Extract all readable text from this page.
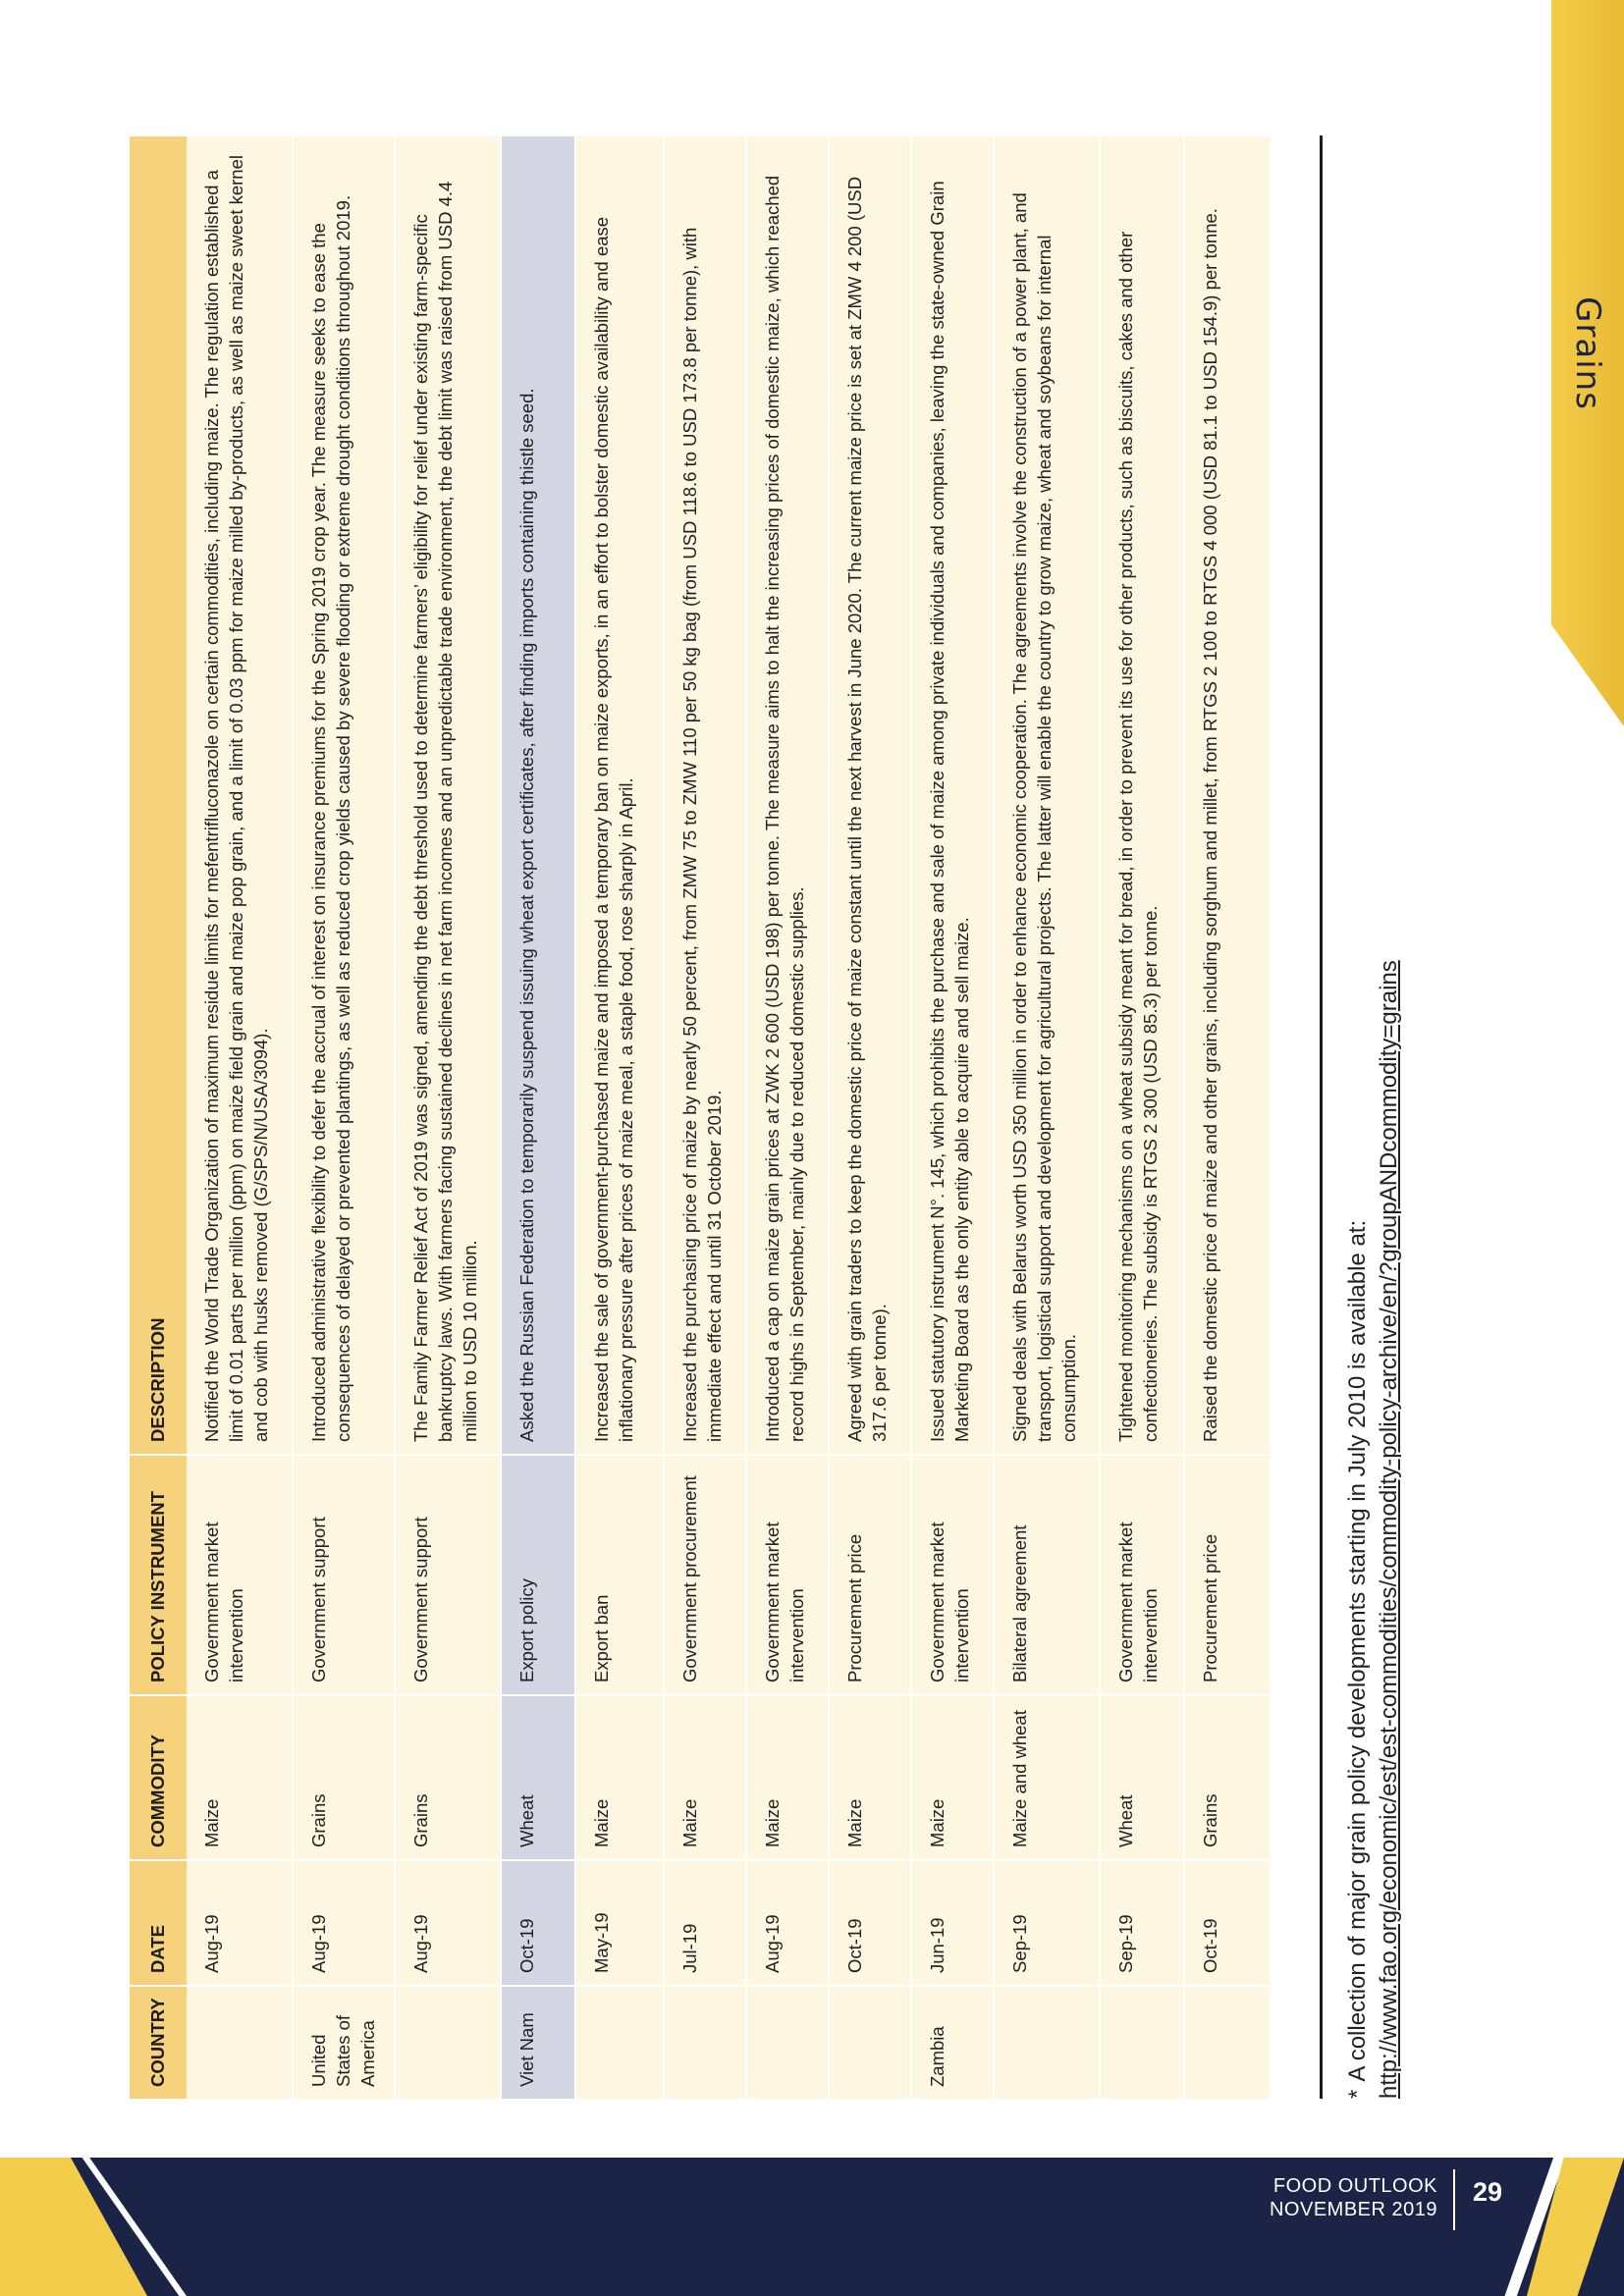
Grains
COUNTRY	DATE	COMMODITY	POLICY INSTRUMENT	DESCRIPTION
	Aug-19	Maize	Government market intervention	Notified the World Trade Organization of maximum residue limits for mefentrifluconazole on certain commodities, including maize. The regulation established a limit of 0.01 parts per million (ppm) on maize field grain and maize pop grain, and a limit of 0.03 ppm for maize milled by-products, as well as maize sweet kernel and cob with husks removed (G/SPS/N/USA/3094).
United States of America	Aug-19	Grains	Government support	Introduced administrative flexibility to defer the accrual of interest on insurance premiums for the Spring 2019 crop year. The measure seeks to ease the consequences of delayed or prevented plantings, as well as reduced crop yields caused by severe flooding or extreme drought conditions throughout 2019.
	Aug-19	Grains	Government support	The Family Farmer Relief Act of 2019 was signed, amending the debt threshold used to determine farmers’ eligibility for relief under existing farm-specific bankruptcy laws. With farmers facing sustained declines in net farm incomes and an unpredictable trade environment, the debt limit was raised from USD 4.4 million to USD 10 million.
Viet Nam	Oct-19	Wheat	Export policy	Asked the Russian Federation to temporarily suspend issuing wheat export certificates, after finding imports containing thistle seed.
	May-19	Maize	Export ban	Increased the sale of government-purchased maize and imposed a temporary ban on maize exports, in an effort to bolster domestic availability and ease inflationary pressure after prices of maize meal, a staple food, rose sharply in April.
	Jul-19	Maize	Government procurement	Increased the purchasing price of maize by nearly 50 percent, from ZMW 75 to ZMW 110 per 50 kg bag (from USD 118.6 to USD 173.8 per tonne), with immediate effect and until 31 October 2019.
	Aug-19	Maize	Government market intervention	Introduced a cap on maize grain prices at ZWK 2 600 (USD 198) per tonne. The measure aims to halt the increasing prices of domestic maize, which reached record highs in September, mainly due to reduced domestic supplies.
	Oct-19	Maize	Procurement price	Agreed with grain traders to keep the domestic price of maize constant until the next harvest in June 2020. The current maize price is set at ZMW 4 200 (USD 317.6 per tonne).
Zambia	Jun-19	Maize	Government market intervention	Issued statutory instrument N°. 145, which prohibits the purchase and sale of maize among private individuals and companies, leaving the state-owned Grain Marketing Board as the only entity able to acquire and sell maize.
	Sep-19	Maize and wheat	Bilateral agreement	Signed deals with Belarus worth USD 350 million in order to enhance economic cooperation. The agreements involve the construction of a power plant, and transport, logistical support and development for agricultural projects. The latter will enable the country to grow maize, wheat and soybeans for internal consumption.
	Sep-19	Wheat	Government market intervention	Tightened monitoring mechanisms on a wheat subsidy meant for bread, in order to prevent its use for other products, such as biscuits, cakes and other confectioneries. The subsidy is RTGS 2 300 (USD 85.3) per tonne.
	Oct-19	Grains	Procurement price	Raised the domestic price of maize and other grains, including sorghum and millet, from RTGS 2 100 to RTGS 4 000 (USD 81.1 to USD 154.9) per tonne.
*A collection of major grain policy developments starting in July 2010 is available at: http://www.fao.org/economic/est/est-commodities/commodity-policy-archive/en/?groupANDcommodity=grains
FOOD OUTLOOK
NOVEMBER 2019
29
